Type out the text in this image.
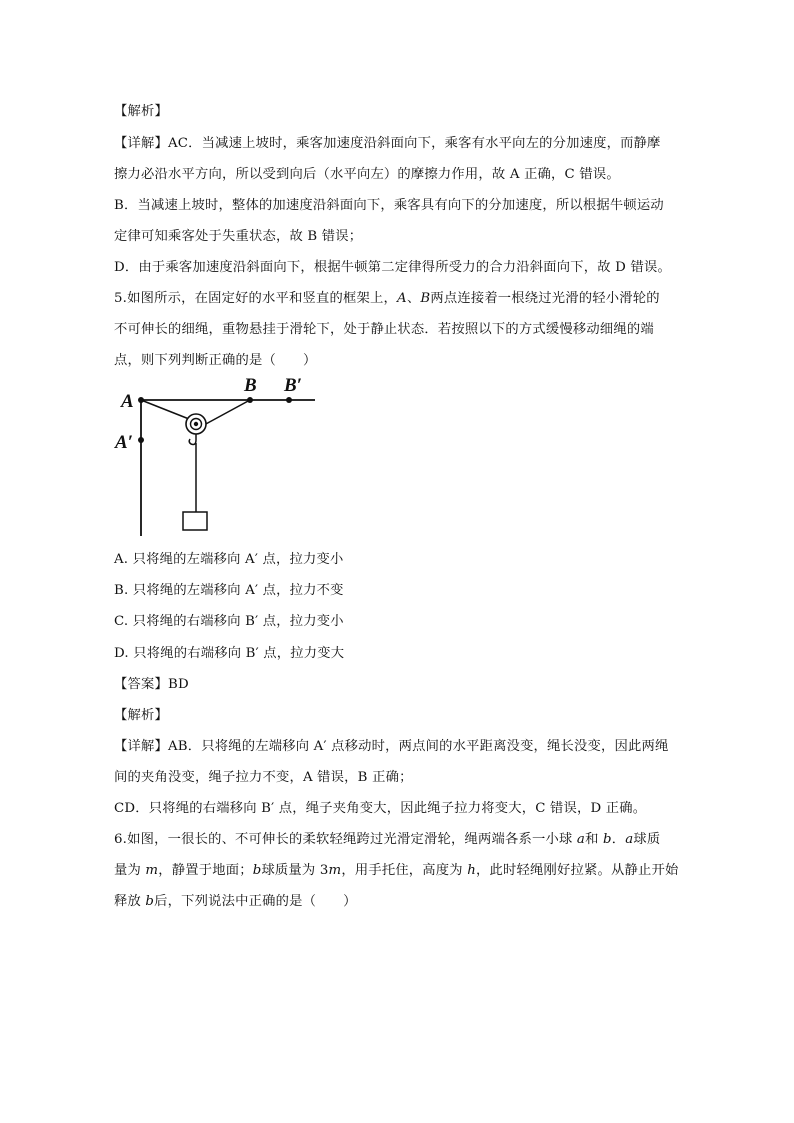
【解析】
【详解】AC．当减速上坡时，乘客加速度沿斜面向下，乘客有水平向左的分加速度，而静摩
擦力必沿水平方向，所以受到向后（水平向左）的摩擦力作用，故 A 正确，C 错误。
B．当减速上坡时，整体的加速度沿斜面向下，乘客具有向下的分加速度，所以根据牛顿运动
定律可知乘客处于失重状态，故 B 错误；
D．由于乘客加速度沿斜面向下，根据牛顿第二定律得所受力的合力沿斜面向下，故 D 错误。
5.如图所示，在固定好的水平和竖直的框架上，A、B两点连接着一根绕过光滑的轻小滑轮的
不可伸长的细绳，重物悬挂于滑轮下，处于静止状态．若按照以下的方式缓慢移动细绳的端
点，则下列判断正确的是（　　）
A
B B′
A′
A. 只将绳的左端移向 A′ 点，拉力变小
B. 只将绳的左端移向 A′ 点，拉力不变
C. 只将绳的右端移向 B′ 点，拉力变小
D. 只将绳的右端移向 B′ 点，拉力变大
【答案】BD
【解析】
【详解】AB．只将绳的左端移向 A′ 点移动时，两点间的水平距离没变，绳长没变，因此两绳
间的夹角没变，绳子拉力不变，A 错误，B 正确；
CD．只将绳的右端移向 B′ 点，绳子夹角变大，因此绳子拉力将变大，C 错误，D 正确。
6.如图，一很长的、不可伸长的柔软轻绳跨过光滑定滑轮，绳两端各系一小球 a和 b．a球质
量为 m，静置于地面；b球质量为 3m，用手托住，高度为 h，此时轻绳刚好拉紧。从静止开始
释放 b后，下列说法中正确的是（　　）
